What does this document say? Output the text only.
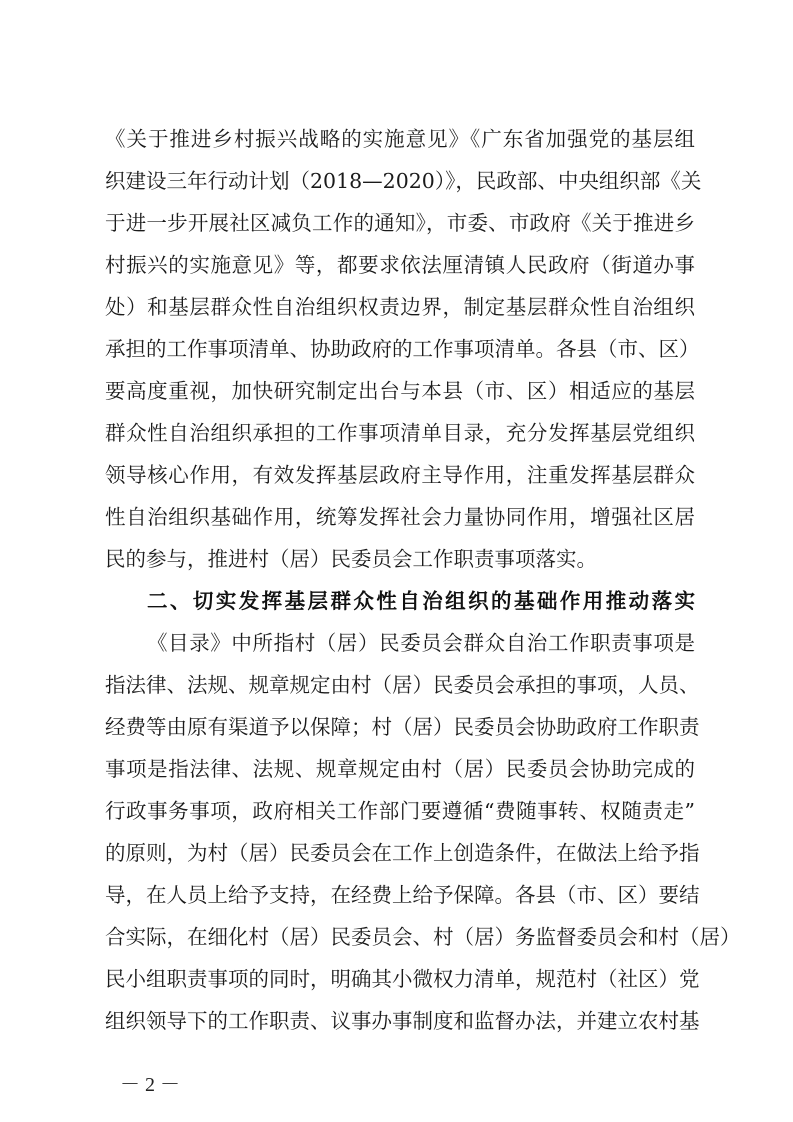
《关于推进乡村振兴战略的实施意见》《广东省加强党的基层组
织建设三年行动计划（2018—2020）》，民政部、中央组织部《关
于进一步开展社区减负工作的通知》，市委、市政府《关于推进乡
村振兴的实施意见》等，都要求依法厘清镇人民政府（街道办事
处）和基层群众性自治组织权责边界，制定基层群众性自治组织
承担的工作事项清单、协助政府的工作事项清单。各县（市、区）
要高度重视，加快研究制定出台与本县（市、区）相适应的基层
群众性自治组织承担的工作事项清单目录，充分发挥基层党组织
领导核心作用，有效发挥基层政府主导作用，注重发挥基层群众
性自治组织基础作用，统筹发挥社会力量协同作用，增强社区居
民的参与，推进村（居）民委员会工作职责事项落实。
二、切实发挥基层群众性自治组织的基础作用推动落实
《目录》中所指村（居）民委员会群众自治工作职责事项是
指法律、法规、规章规定由村（居）民委员会承担的事项，人员、
经费等由原有渠道予以保障；村（居）民委员会协助政府工作职责
事项是指法律、法规、规章规定由村（居）民委员会协助完成的
行政事务事项，政府相关工作部门要遵循“费随事转、权随责走”
的原则，为村（居）民委员会在工作上创造条件，在做法上给予指
导，在人员上给予支持，在经费上给予保障。各县（市、区）要结
合实际，在细化村（居）民委员会、村（居）务监督委员会和村（居）
民小组职责事项的同时，明确其小微权力清单，规范村（社区）党
组织领导下的工作职责、议事办事制度和监督办法，并建立农村基
－ 2 －
